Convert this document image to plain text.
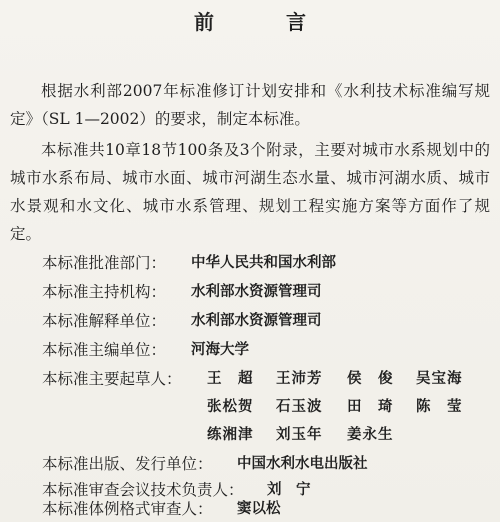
前　言

根据水利部2007年标准修订计划安排和《水利技术标准编写规定》（SL 1—2002）的要求，制定本标准。

本标准共10章18节100条及3个附录，主要对城市水系规划中的城市水系布局、城市水面、城市河湖生态水量、城市河湖水质、城市水景观和水文化、城市水系管理、规划工程实施方案等方面作了规定。

本标准批准部门： 中华人民共和国水利部
本标准主持机构： 水利部水资源管理司
本标准解释单位： 水利部水资源管理司
本标准主编单位： 河海大学
本标准主要起草人： 王　超 王沛芳 侯　俊 吴宝海
张松贺 石玉波 田　琦 陈　莹
练湘津 刘玉年 姜永生
本标准出版、发行单位： 中国水利水电出版社
本标准审查会议技术负责人： 刘　宁
本标准体例格式审查人： 窦以松
